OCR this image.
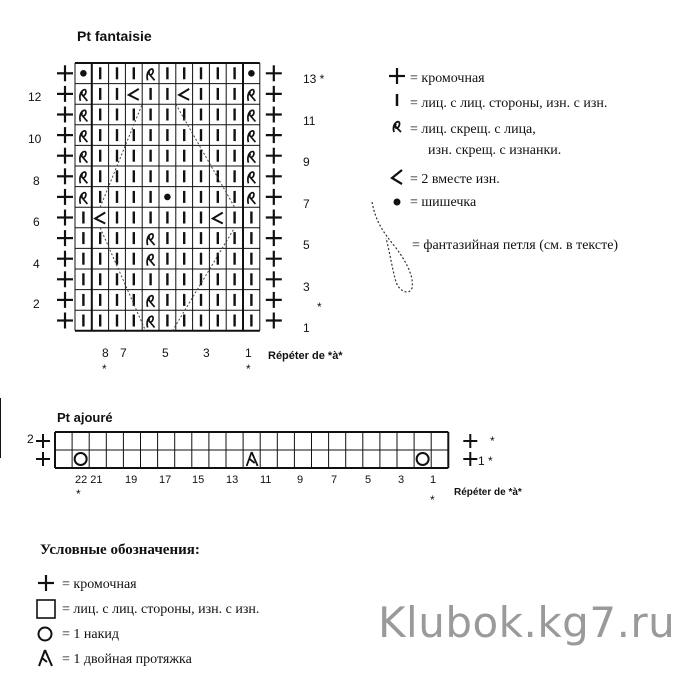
Pt fantaisie
12
10
8
6
4
2
13 *
11
9
7
5
3
1
*
8 7	5	3	1
*	*
Répéter de *à*
= кромочная
= лиц. с лиц. стороны, изн. с изн.
= лиц. скрещ. с лица,
изн. скрещ. с изнанки.
= 2 вместе изн.
= шишечка
= фантазийная петля (см. в тексте)
Pt ajouré
2
1 *
*
22 21 19 17 15 13 11 9	7	5 3 1
*	*
Répéter de *à*
Условные обозначения:
= кромочная
= лиц. с лиц. стороны, изн. с изн.
= 1 накид
= 1 двойная протяжка
Klubok.kg7.ru
